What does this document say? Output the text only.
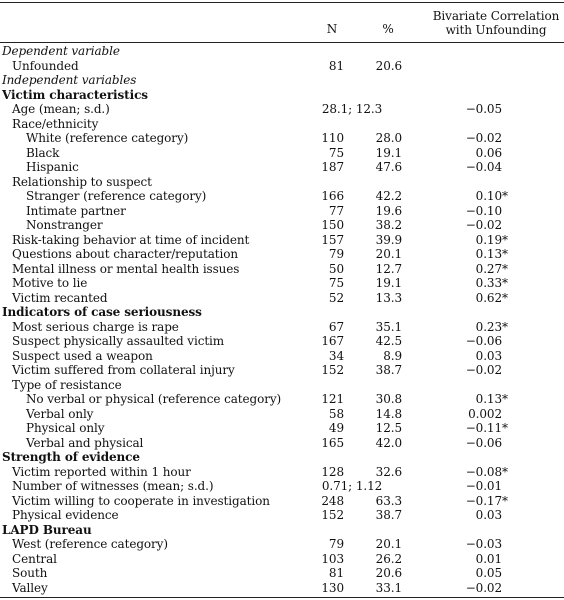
N	%
Bivariate Correlation
with Unfounding
Dependent variable
Unfounded	81	20.6
Independent variables
Victim characteristics
Age (mean; s.d.)	28.1; 12.3	−0.05
Race/ethnicity
White (reference category)	110	28.0	−0.02
Black	75	19.1	0.06
Hispanic	187	47.6	−0.04
Relationship to suspect
Stranger (reference category)	166	42.2	0.10 *
Intimate partner	77	19.6	−0.10
Nonstranger	150	38.2	−0.02
Risk-taking behavior at time of incident	157	39.9	0.19 *
Questions about character/reputation	79	20.1	0.13 *
Mental illness or mental health issues	50	12.7	0.27 *
Motive to lie	75	19.1	0.33 *
Victim recanted	52	13.3	0.62 *
Indicators of case seriousness
Most serious charge is rape	67	35.1	0.23 *
Suspect physically assaulted victim	167	42.5	−0.06
Suspect used a weapon	34	8.9	0.03
Victim suffered from collateral injury	152	38.7	−0.02
Type of resistance
No verbal or physical (reference category)	121	30.8	0.13 *
Verbal only	58	14.8	0.002
Physical only	49	12.5	−0.11 *
Verbal and physical	165	42.0	−0.06
Strength of evidence
Victim reported within 1 hour	128	32.6	−0.08 *
Number of witnesses (mean; s.d.)	0.71; 1.12	−0.01
Victim willing to cooperate in investigation	248	63.3	−0.17 *
Physical evidence	152	38.7	0.03
LAPD Bureau
West (reference category)	79	20.1	−0.03
Central	103	26.2	0.01
South	81	20.6	0.05
Valley	130	33.1	−0.02
